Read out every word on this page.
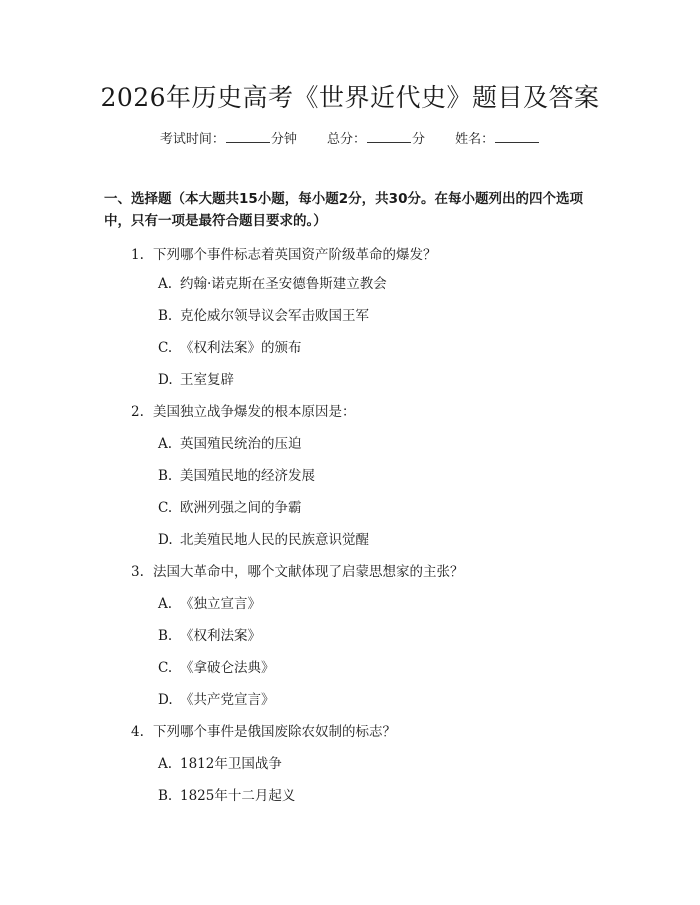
2026年历史高考《世界近代史》题目及答案
考试时间：	分钟 总分：	分 姓名：
一、选择题（本大题共15小题，每小题2分，共30分。在每小题列出的四个选项中，只有一项是最符合题目要求的。）
1. 下列哪个事件标志着英国资产阶级革命的爆发？
A. 约翰·诺克斯在圣安德鲁斯建立教会
B. 克伦威尔领导议会军击败国王军
C. 《权利法案》的颁布
D. 王室复辟
2. 美国独立战争爆发的根本原因是：
A. 英国殖民统治的压迫
B. 美国殖民地的经济发展
C. 欧洲列强之间的争霸
D. 北美殖民地人民的民族意识觉醒
3. 法国大革命中，哪个文献体现了启蒙思想家的主张？
A. 《独立宣言》
B. 《权利法案》
C. 《拿破仑法典》
D. 《共产党宣言》
4. 下列哪个事件是俄国废除农奴制的标志？
A. 1812年卫国战争
B. 1825年十二月起义
